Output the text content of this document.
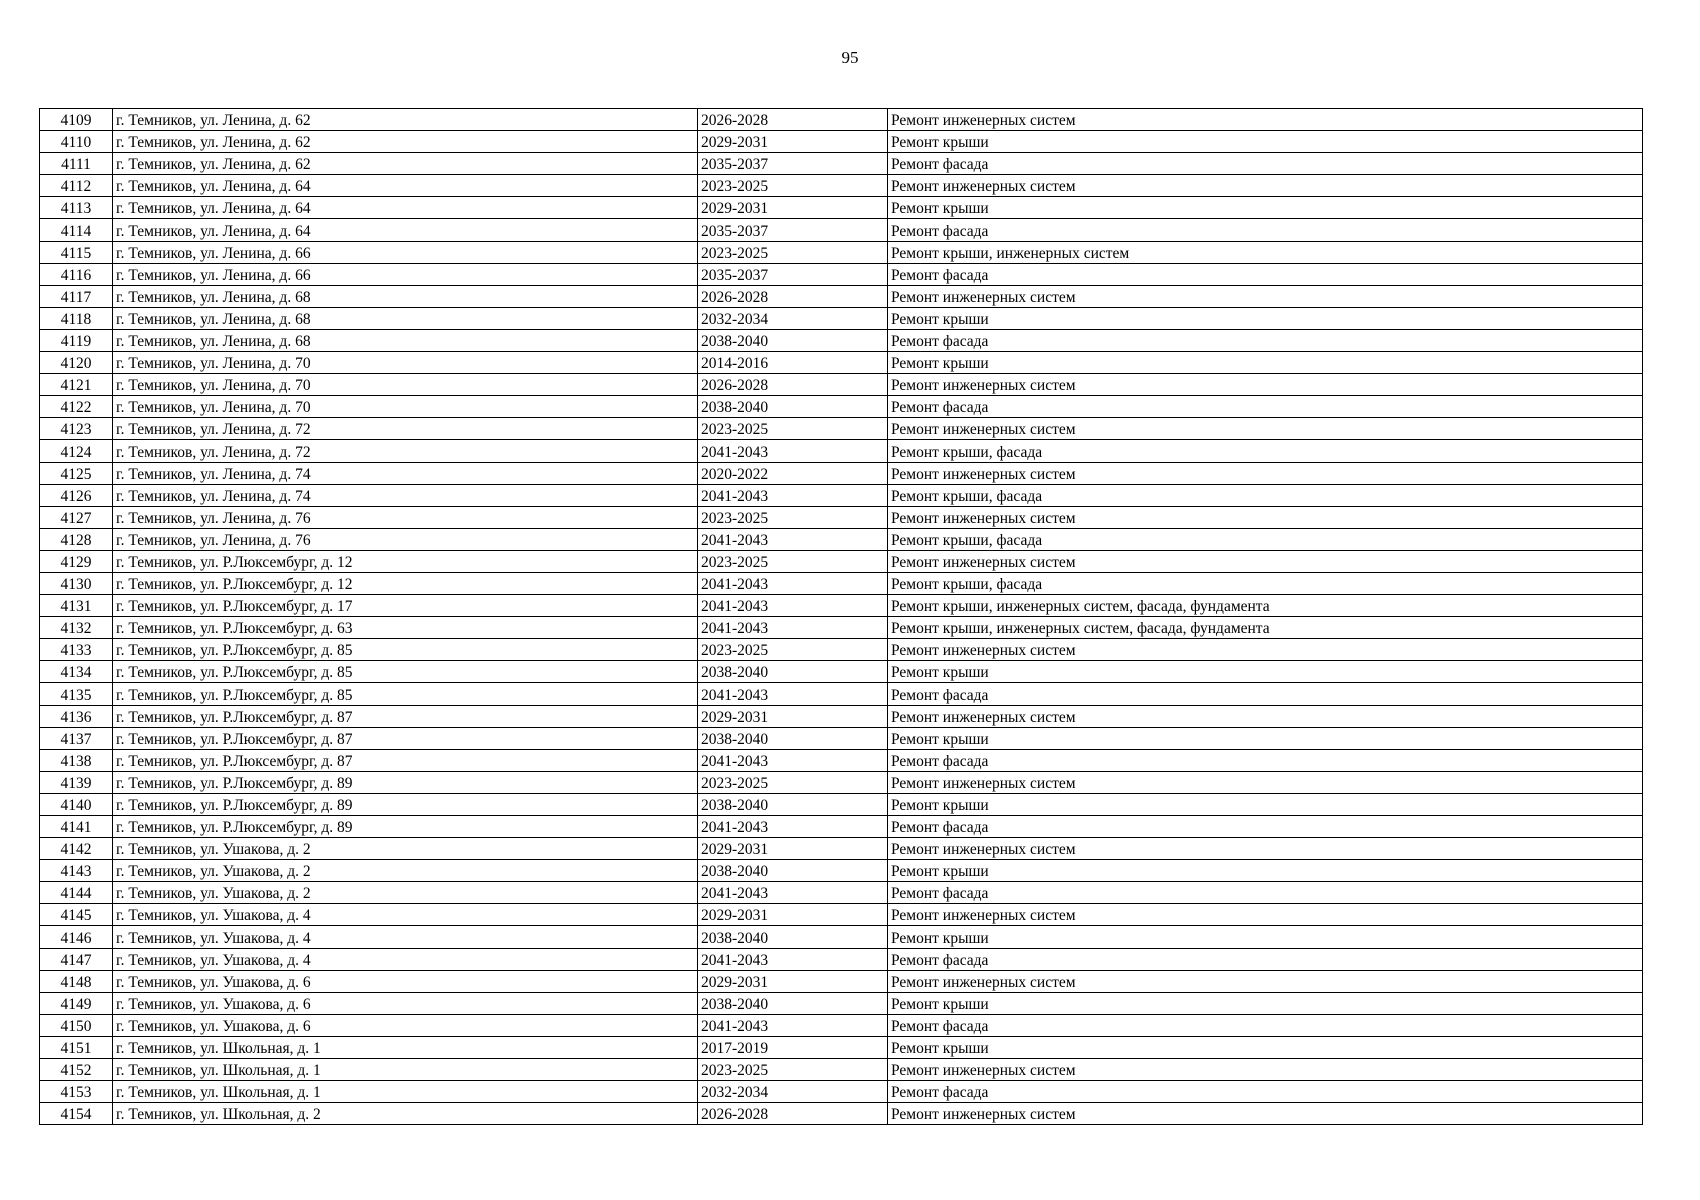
95
4109	г. Темников, ул. Ленина, д. 62	2026-2028	Ремонт инженерных систем
4110	г. Темников, ул. Ленина, д. 62	2029-2031	Ремонт крыши
4111	г. Темников, ул. Ленина, д. 62	2035-2037	Ремонт фасада
4112	г. Темников, ул. Ленина, д. 64	2023-2025	Ремонт инженерных систем
4113	г. Темников, ул. Ленина, д. 64	2029-2031	Ремонт крыши
4114	г. Темников, ул. Ленина, д. 64	2035-2037	Ремонт фасада
4115	г. Темников, ул. Ленина, д. 66	2023-2025	Ремонт крыши, инженерных систем
4116	г. Темников, ул. Ленина, д. 66	2035-2037	Ремонт фасада
4117	г. Темников, ул. Ленина, д. 68	2026-2028	Ремонт инженерных систем
4118	г. Темников, ул. Ленина, д. 68	2032-2034	Ремонт крыши
4119	г. Темников, ул. Ленина, д. 68	2038-2040	Ремонт фасада
4120	г. Темников, ул. Ленина, д. 70	2014-2016	Ремонт крыши
4121	г. Темников, ул. Ленина, д. 70	2026-2028	Ремонт инженерных систем
4122	г. Темников, ул. Ленина, д. 70	2038-2040	Ремонт фасада
4123	г. Темников, ул. Ленина, д. 72	2023-2025	Ремонт инженерных систем
4124	г. Темников, ул. Ленина, д. 72	2041-2043	Ремонт крыши, фасада
4125	г. Темников, ул. Ленина, д. 74	2020-2022	Ремонт инженерных систем
4126	г. Темников, ул. Ленина, д. 74	2041-2043	Ремонт крыши, фасада
4127	г. Темников, ул. Ленина, д. 76	2023-2025	Ремонт инженерных систем
4128	г. Темников, ул. Ленина, д. 76	2041-2043	Ремонт крыши, фасада
4129	г. Темников, ул. Р.Люксембург, д. 12	2023-2025	Ремонт инженерных систем
4130	г. Темников, ул. Р.Люксембург, д. 12	2041-2043	Ремонт крыши, фасада
4131	г. Темников, ул. Р.Люксембург, д. 17	2041-2043	Ремонт крыши, инженерных систем, фасада, фундамента
4132	г. Темников, ул. Р.Люксембург, д. 63	2041-2043	Ремонт крыши, инженерных систем, фасада, фундамента
4133	г. Темников, ул. Р.Люксембург, д. 85	2023-2025	Ремонт инженерных систем
4134	г. Темников, ул. Р.Люксембург, д. 85	2038-2040	Ремонт крыши
4135	г. Темников, ул. Р.Люксембург, д. 85	2041-2043	Ремонт фасада
4136	г. Темников, ул. Р.Люксембург, д. 87	2029-2031	Ремонт инженерных систем
4137	г. Темников, ул. Р.Люксембург, д. 87	2038-2040	Ремонт крыши
4138	г. Темников, ул. Р.Люксембург, д. 87	2041-2043	Ремонт фасада
4139	г. Темников, ул. Р.Люксембург, д. 89	2023-2025	Ремонт инженерных систем
4140	г. Темников, ул. Р.Люксембург, д. 89	2038-2040	Ремонт крыши
4141	г. Темников, ул. Р.Люксембург, д. 89	2041-2043	Ремонт фасада
4142	г. Темников, ул. Ушакова, д. 2	2029-2031	Ремонт инженерных систем
4143	г. Темников, ул. Ушакова, д. 2	2038-2040	Ремонт крыши
4144	г. Темников, ул. Ушакова, д. 2	2041-2043	Ремонт фасада
4145	г. Темников, ул. Ушакова, д. 4	2029-2031	Ремонт инженерных систем
4146	г. Темников, ул. Ушакова, д. 4	2038-2040	Ремонт крыши
4147	г. Темников, ул. Ушакова, д. 4	2041-2043	Ремонт фасада
4148	г. Темников, ул. Ушакова, д. 6	2029-2031	Ремонт инженерных систем
4149	г. Темников, ул. Ушакова, д. 6	2038-2040	Ремонт крыши
4150	г. Темников, ул. Ушакова, д. 6	2041-2043	Ремонт фасада
4151	г. Темников, ул. Школьная, д. 1	2017-2019	Ремонт крыши
4152	г. Темников, ул. Школьная, д. 1	2023-2025	Ремонт инженерных систем
4153	г. Темников, ул. Школьная, д. 1	2032-2034	Ремонт фасада
4154	г. Темников, ул. Школьная, д. 2	2026-2028	Ремонт инженерных систем
